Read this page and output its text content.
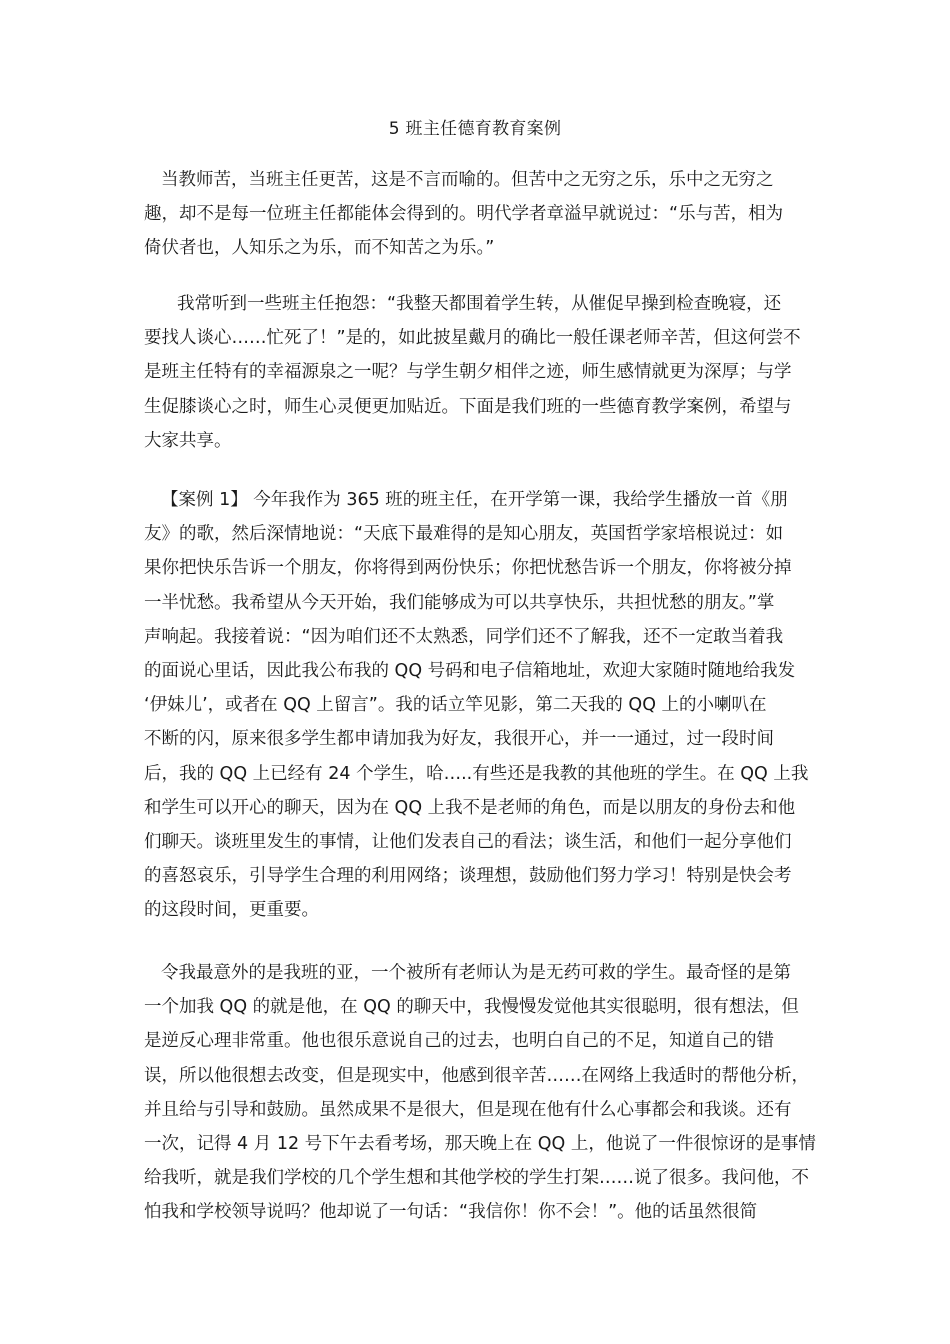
5 班主任德育教育案例
当教师苦，当班主任更苦，这是不言而喻的。但苦中之无穷之乐，乐中之无穷之
趣，却不是每一位班主任都能体会得到的。明代学者章溢早就说过：“乐与苦，相为
倚伏者也，人知乐之为乐，而不知苦之为乐。”
我常听到一些班主任抱怨：“我整天都围着学生转，从催促早操到检查晚寝，还
要找人谈心……忙死了！”是的，如此披星戴月的确比一般任课老师辛苦，但这何尝不
是班主任特有的幸福源泉之一呢？与学生朝夕相伴之迹，师生感情就更为深厚；与学
生促膝谈心之时，师生心灵便更加贴近。下面是我们班的一些德育教学案例，希望与
大家共享。
【案例 1】 今年我作为 365 班的班主任，在开学第一课，我给学生播放一首《朋
友》的歌，然后深情地说：“天底下最难得的是知心朋友，英国哲学家培根说过：如
果你把快乐告诉一个朋友，你将得到两份快乐；你把忧愁告诉一个朋友，你将被分掉
一半忧愁。我希望从今天开始，我们能够成为可以共享快乐，共担忧愁的朋友。”掌
声响起。我接着说：“因为咱们还不太熟悉，同学们还不了解我，还不一定敢当着我
的面说心里话，因此我公布我的 QQ 号码和电子信箱地址，欢迎大家随时随地给我发
‘伊妹儿’，或者在 QQ 上留言”。我的话立竿见影，第二天我的 QQ 上的小喇叭在
不断的闪，原来很多学生都申请加我为好友，我很开心，并一一通过，过一段时间
后，我的 QQ 上已经有 24 个学生，哈…..有些还是我教的其他班的学生。在 QQ 上我
和学生可以开心的聊天，因为在 QQ 上我不是老师的角色，而是以朋友的身份去和他
们聊天。谈班里发生的事情，让他们发表自己的看法；谈生活，和他们一起分享他们
的喜怒哀乐，引导学生合理的利用网络；谈理想，鼓励他们努力学习！特别是快会考
的这段时间，更重要。
令我最意外的是我班的亚，一个被所有老师认为是无药可救的学生。最奇怪的是第
一个加我 QQ 的就是他，在 QQ 的聊天中，我慢慢发觉他其实很聪明，很有想法，但
是逆反心理非常重。他也很乐意说自己的过去，也明白自己的不足，知道自己的错
误，所以他很想去改变，但是现实中，他感到很辛苦……在网络上我适时的帮他分析，
并且给与引导和鼓励。虽然成果不是很大，但是现在他有什么心事都会和我谈。还有
一次，记得 4 月 12 号下午去看考场，那天晚上在 QQ 上，他说了一件很惊讶的是事情
给我听，就是我们学校的几个学生想和其他学校的学生打架……说了很多。我问他，不
怕我和学校领导说吗？他却说了一句话：“我信你！你不会！”。他的话虽然很简
